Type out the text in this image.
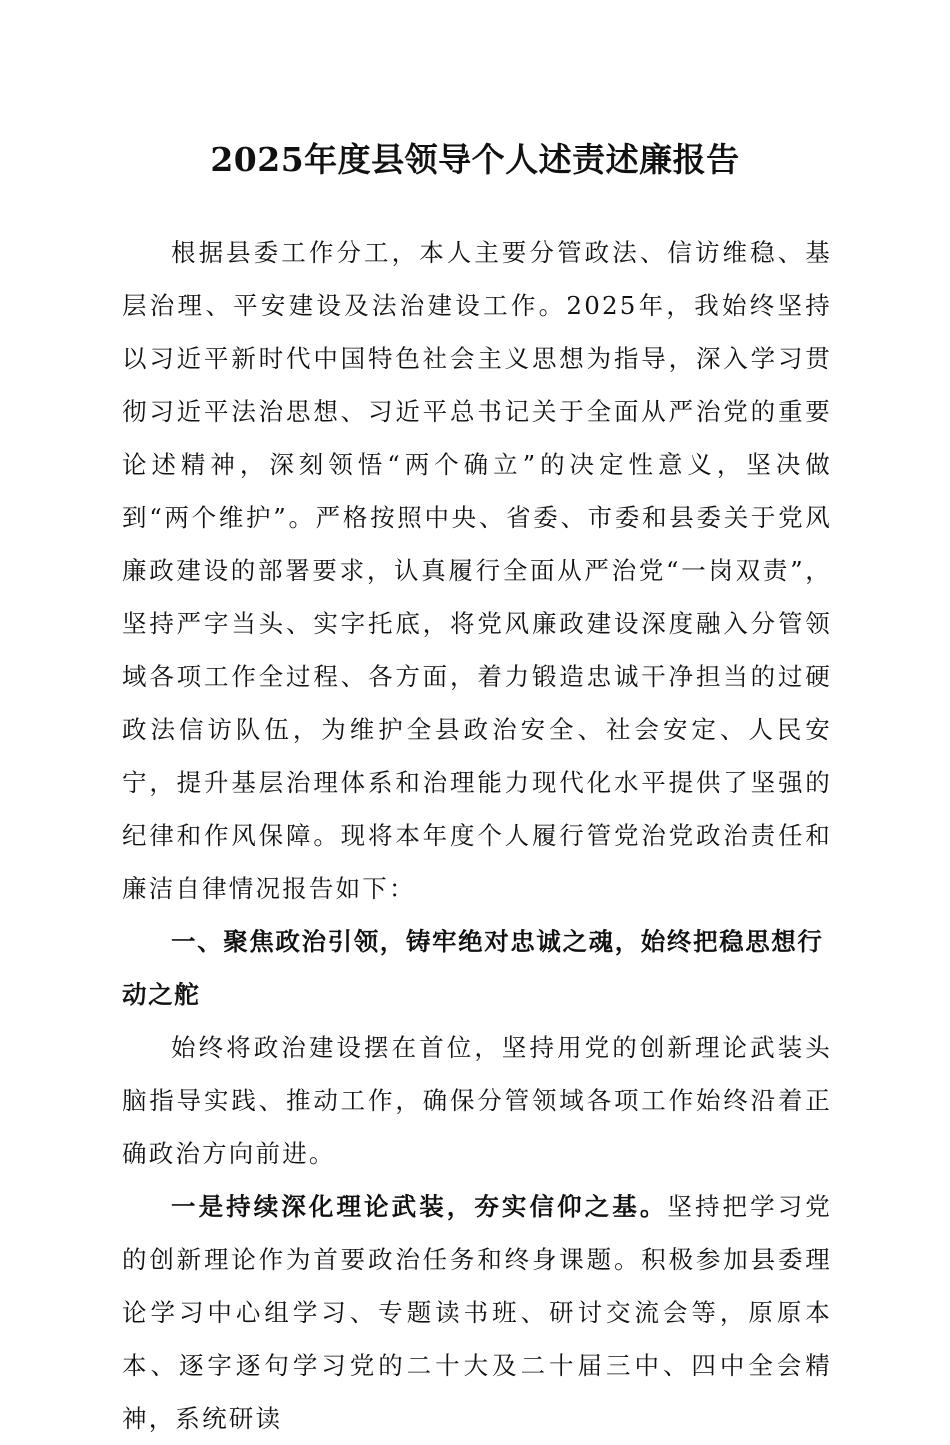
2025年度县领导个人述责述廉报告

根据县委工作分工，本人主要分管政法、信访维稳、基层治理、平安建设及法治建设工作。2025年，我始终坚持以习近平新时代中国特色社会主义思想为指导，深入学习贯彻习近平法治思想、习近平总书记关于全面从严治党的重要论述精神，深刻领悟“两个确立”的决定性意义，坚决做到“两个维护”。严格按照中央、省委、市委和县委关于党风廉政建设的部署要求，认真履行全面从严治党“一岗双责”，坚持严字当头、实字托底，将党风廉政建设深度融入分管领域各项工作全过程、各方面，着力锻造忠诚干净担当的过硬政法信访队伍，为维护全县政治安全、社会安定、人民安宁，提升基层治理体系和治理能力现代化水平提供了坚强的纪律和作风保障。现将本年度个人履行管党治党政治责任和廉洁自律情况报告如下：

一、聚焦政治引领，铸牢绝对忠诚之魂，始终把稳思想行动之舵

始终将政治建设摆在首位，坚持用党的创新理论武装头脑指导实践、推动工作，确保分管领域各项工作始终沿着正确政治方向前进。

一是持续深化理论武装，夯实信仰之基。坚持把学习党的创新理论作为首要政治任务和终身课题。积极参加县委理论学习中心组学习、专题读书班、研讨交流会等，原原本本、逐字逐句学习党的二十大及二十届三中、四中全会精神，系统研读
